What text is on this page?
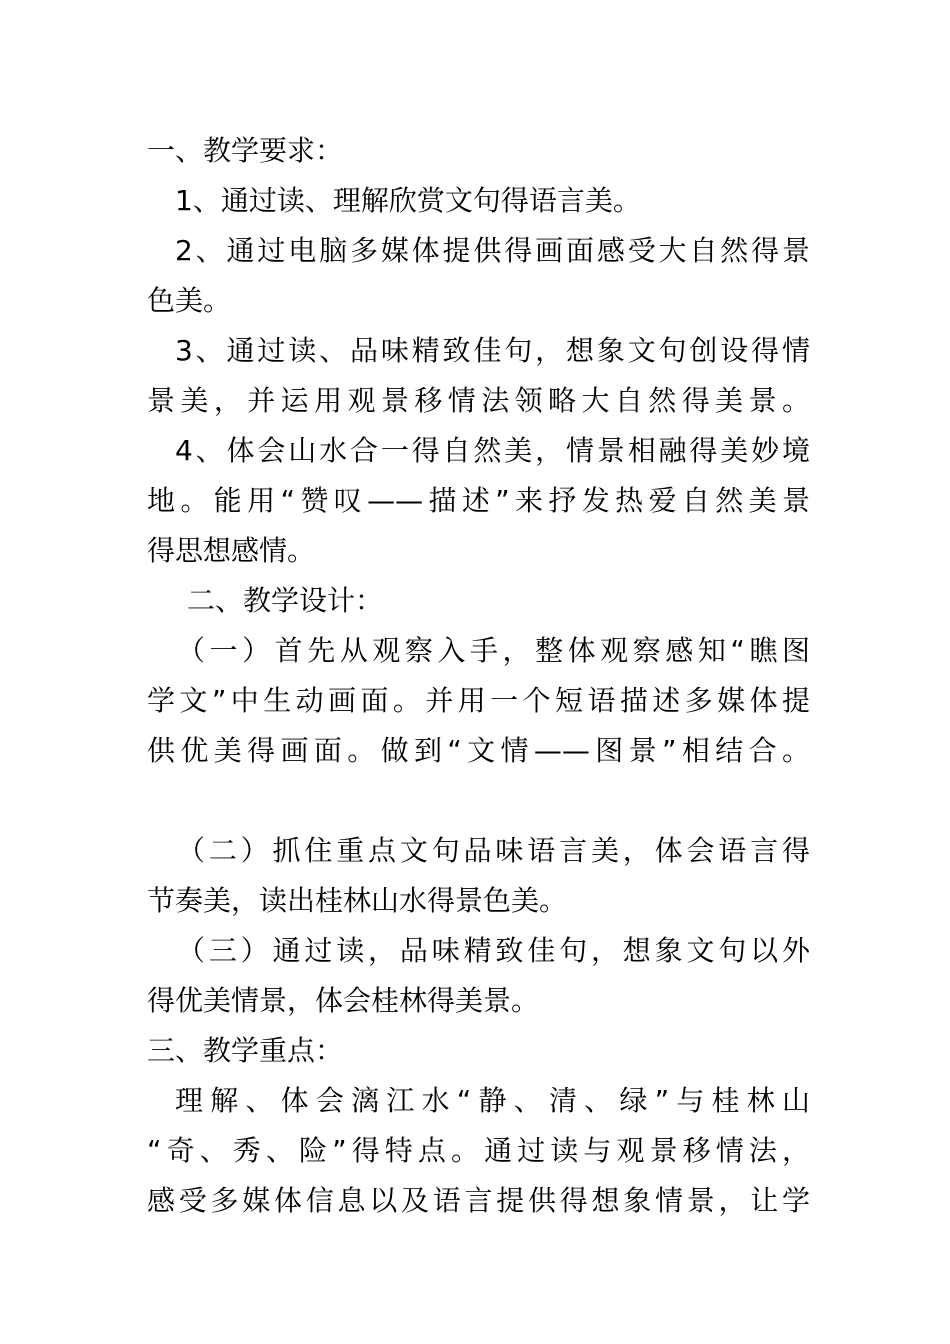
一、教学要求：
1、通过读、理解欣赏文句得语言美。
2、通过电脑多媒体提供得画面感受大自然得景
色美。
3、通过读、品味精致佳句，想象文句创设得情
景美，并运用观景移情法领略大自然得美景。
4、体会山水合一得自然美，情景相融得美妙境
地。能用“赞叹——描述”来抒发热爱自然美景
得思想感情。
二、教学设计：
（一）首先从观察入手，整体观察感知“瞧图
学文”中生动画面。并用一个短语描述多媒体提
供优美得画面。做到“文情——图景”相结合。
（二）抓住重点文句品味语言美，体会语言得
节奏美，读出桂林山水得景色美。
（三）通过读，品味精致佳句，想象文句以外
得优美情景，体会桂林得美景。
三、教学重点：
理解、体会漓江水“静、清、绿”与桂林山
“奇、秀、险”得特点。通过读与观景移情法，
感受多媒体信息以及语言提供得想象情景，让学
